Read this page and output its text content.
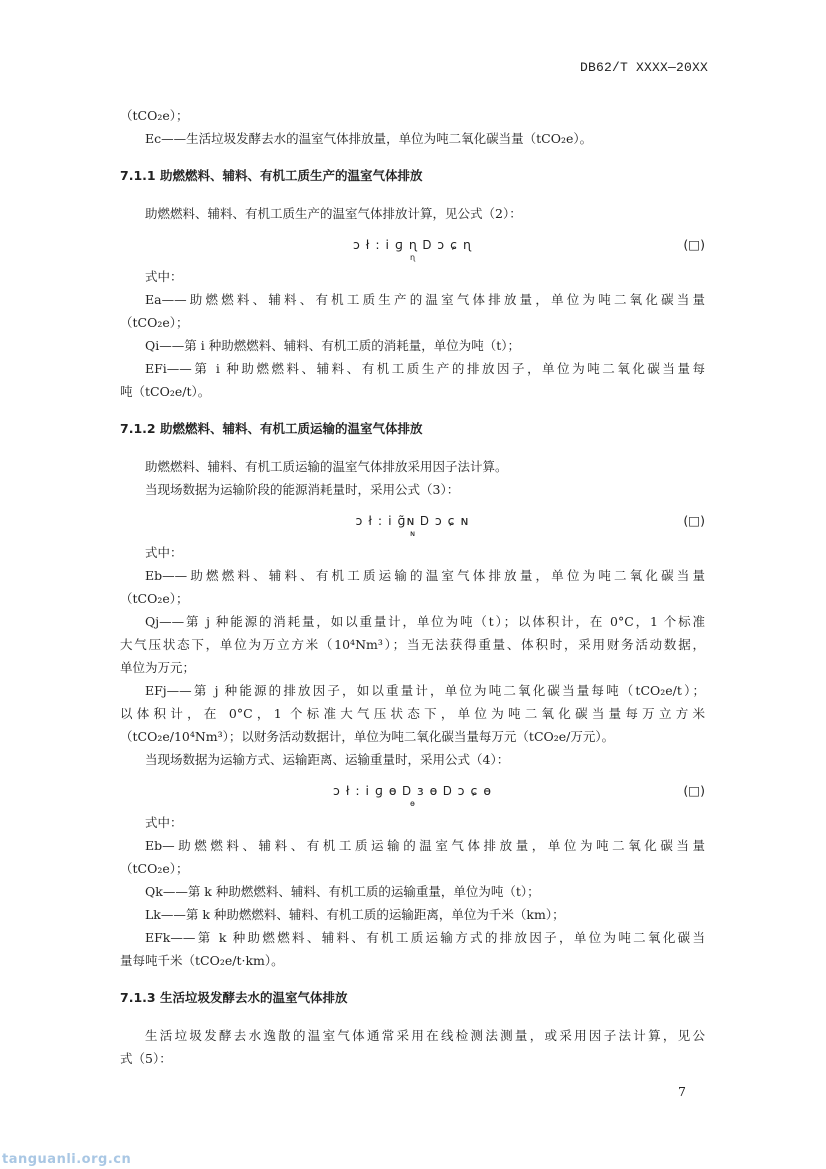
DB62/T XXXX—20XX
（tCO₂e）；
Ec——生活垃圾发酵去水的温室气体排放量，单位为吨二氧化碳当量（tCO₂e）。
7.1.1 助燃燃料、辅料、有机工质生产的温室气体排放
助燃燃料、辅料、有机工质生产的温室气体排放计算，见公式（2）：
ɔ ł ꞉ i ɡ ɳ Ꭰ ɔ ɕ ɳ
ɳ
(□)
式中：
Ea——助燃燃料、辅料、有机工质生产的温室气体排放量，单位为吨二氧化碳当量
（tCO₂e）；
Qi——第 i 种助燃燃料、辅料、有机工质的消耗量，单位为吨（t）；
EFi——第 i 种助燃燃料、辅料、有机工质生产的排放因子，单位为吨二氧化碳当量每
吨（tCO₂e/t）。
7.1.2 助燃燃料、辅料、有机工质运输的温室气体排放
助燃燃料、辅料、有机工质运输的温室气体排放采用因子法计算。
当现场数据为运输阶段的能源消耗量时，采用公式（3）：
ɔ ł ꞉ i ɡ̃ɴ Ꭰ ɔ ɕ ɴ
ɴ
(□)
式中：
Eb——助燃燃料、辅料、有机工质运输的温室气体排放量，单位为吨二氧化碳当量
（tCO₂e）；
Qj——第 j 种能源的消耗量，如以重量计，单位为吨（t）；以体积计，在 0°C，1 个标准
大气压状态下，单位为万立方米（10⁴Nm³）；当无法获得重量、体积时，采用财务活动数据，
单位为万元；
EFj——第 j 种能源的排放因子，如以重量计，单位为吨二氧化碳当量每吨（tCO₂e/t）；
以体积计，在 0°C，1 个标准大气压状态下，单位为吨二氧化碳当量每万立方米
（tCO₂e/10⁴Nm³）；以财务活动数据计，单位为吨二氧化碳当量每万元（tCO₂e/万元）。
当现场数据为运输方式、运输距离、运输重量时，采用公式（4）：
ɔ ł ꞉ i ɡ ɵ Ꭰ ɜ ɵ Ꭰ ɔ ɕ ɵ
ɵ
(□)
式中：
Eb—助燃燃料、辅料、有机工质运输的温室气体排放量，单位为吨二氧化碳当量
（tCO₂e）；
Qk——第 k 种助燃燃料、辅料、有机工质的运输重量，单位为吨（t）；
Lk——第 k 种助燃燃料、辅料、有机工质的运输距离，单位为千米（km）；
EFk——第 k 种助燃燃料、辅料、有机工质运输方式的排放因子，单位为吨二氧化碳当
量每吨千米（tCO₂e/t·km）。
7.1.3 生活垃圾发酵去水的温室气体排放
生活垃圾发酵去水逸散的温室气体通常采用在线检测法测量，或采用因子法计算，见公
式（5）：
7
tanguanli.org.cn
